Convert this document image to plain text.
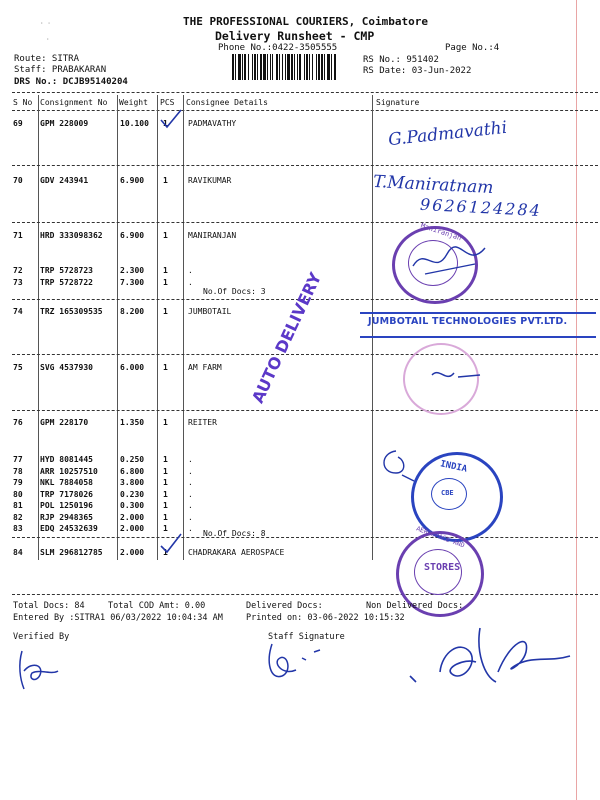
· ·
·
THE PROFESSIONAL COURIERS, Coimbatore
Delivery Runsheet - CMP
Phone No.:0422-3505555	Page No.:4
Route: SITRA
Staff: PRABAKARAN
DRS No.: DCJB95140204
RS No.: 951402
RS Date: 03-Jun-2022
S No Consignment No Weight PCS Consignee Details	Signature
69 GPM 228009	10.100 1	PADMAVATHY
70 GDV 243941	6.900 1	RAVIKUMAR
71 HRD 333098362 6.900 1	MANIRANJAN
72 TRP 5728723	2.300 1	.
73 TRP 5728722	7.300 1	.
74 TRZ 165309535 8.200 1	JUMBOTAIL
75 SVG 4537930	6.000 1	AM FARM
76 GPM 228170	1.350 1	REITER
77 HYD 8081445	0.250 1	.
78 ARR 10257510	6.800 1	.
79 NKL 7884058	3.800 1	.
80 TRP 7178026	0.230 1	.
81 POL 1250196	0.300 1	.
82 RJP 2948365	2.000 1	.
83 EDQ 24532639	2.000 1	.
84 SLM 296812785 2.000 1	CHADRAKARA AEROSPACE
No.Of Docs: 3
No.Of Docs: 8
G.Padmavathi
T.Maniratnam
9626124284
Maniranjan
AUTO DELIVERY	JUMBOTAIL TECHNOLOGIES PVT.LTD.
INDIA
CBE
STORES
AEROSPACE AND
Total Docs: 84	Total COD Amt: 0.00	Delivered Docs:	Non Delivered Docs:
Entered By :SITRA1 06/03/2022 10:04:34 AM	Printed on: 03-06-2022 10:15:32
Verified By	Staff Signature
